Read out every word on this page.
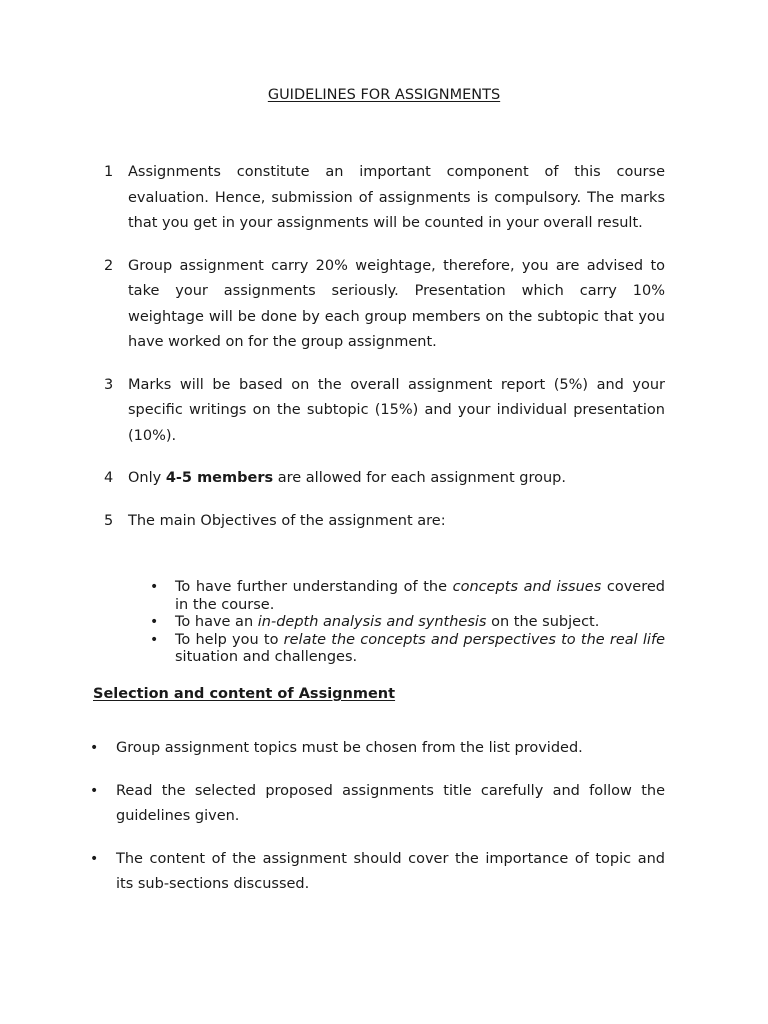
GUIDELINES FOR ASSIGNMENTS
1 Assignments constitute an important component of this course evaluation. Hence, submission of assignments is compulsory. The marks that you get in your assignments will be counted in your overall result.
2 Group assignment carry 20% weightage, therefore, you are advised to take your assignments seriously. Presentation which carry 10% weightage will be done by each group members on the subtopic that you have worked on for the group assignment.
3 Marks will be based on the overall assignment report (5%) and your specific writings on the subtopic (15%) and your individual presentation (10%).
4 Only 4-5 members are allowed for each assignment group.
5 The main Objectives of the assignment are:
• To have further understanding of the concepts and issues covered in the course.
• To have an in-depth analysis and synthesis on the subject.
• To help you to relate the concepts and perspectives to the real life situation and challenges.
Selection and content of Assignment
• Group assignment topics must be chosen from the list provided.
• Read the selected proposed assignments title carefully and follow the guidelines given.
• The content of the assignment should cover the importance of topic and its sub-sections discussed.
